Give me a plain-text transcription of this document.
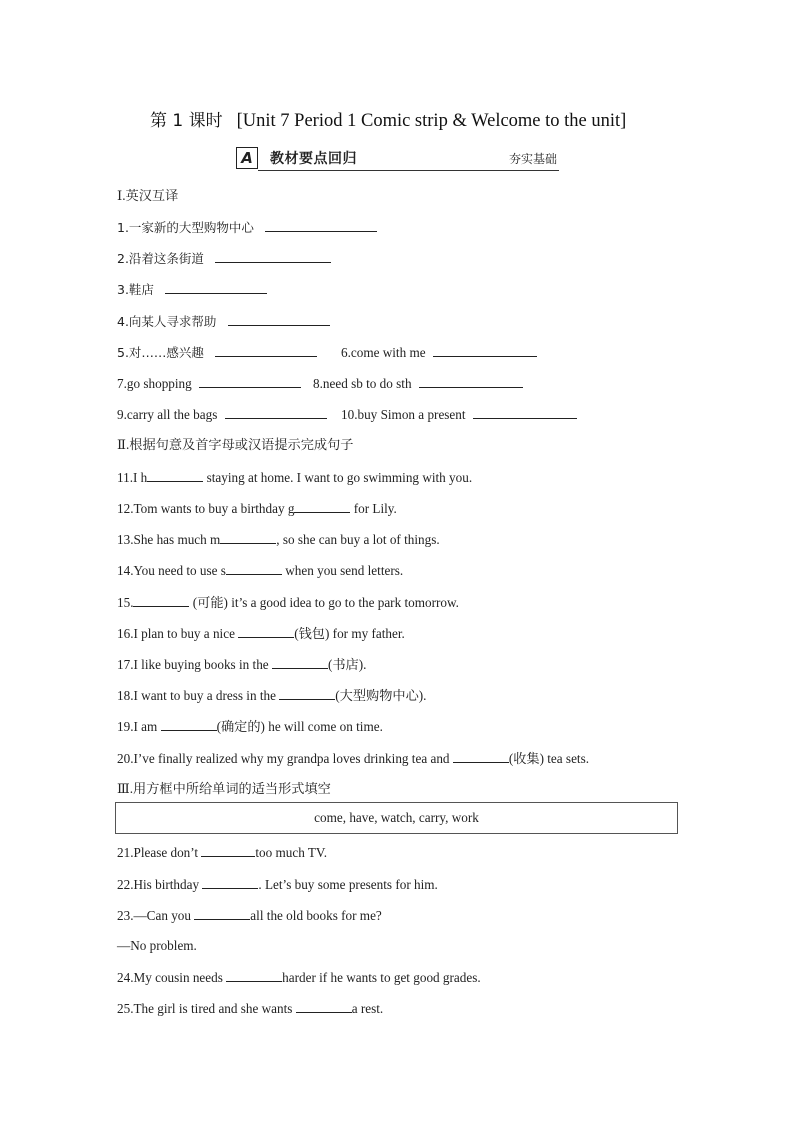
第 1 课时 [Unit 7 Period 1 Comic strip & Welcome to the unit]
A	教材要点回归	夯实基础
Ⅰ.英汉互译
1.一家新的大型购物中心
2.沿着这条街道
3.鞋店
4.向某人寻求帮助
5.对……感兴趣	6.come with me
7.go shopping	8.need sb to do sth
9.carry all the bags	10.buy Simon a present
Ⅱ.根据句意及首字母或汉语提示完成句子
11.I h	staying at home. I want to go swimming with you.
12.Tom wants to buy a birthday g	for Lily.
13.She has much m	, so she can buy a lot of things.
14.You need to use s	when you send letters.
15.	(可能) it’s a good idea to go to the park tomorrow.
16.I plan to buy a nice	(钱包) for my father.
17.I like buying books in the	(书店).
18.I want to buy a dress in the	(大型购物中心).
19.I am	(确定的) he will come on time.
20.I’ve finally realized why my grandpa loves drinking tea and	(收集) tea sets.
Ⅲ.用方框中所给单词的适当形式填空
come, have, watch, carry, work
21.Please don’t	too much TV.
22.His birthday	. Let’s buy some presents for him.
23.—Can you	all the old books for me?
—No problem.
24.My cousin needs	harder if he wants to get good grades.
25.The girl is tired and she wants	a rest.
